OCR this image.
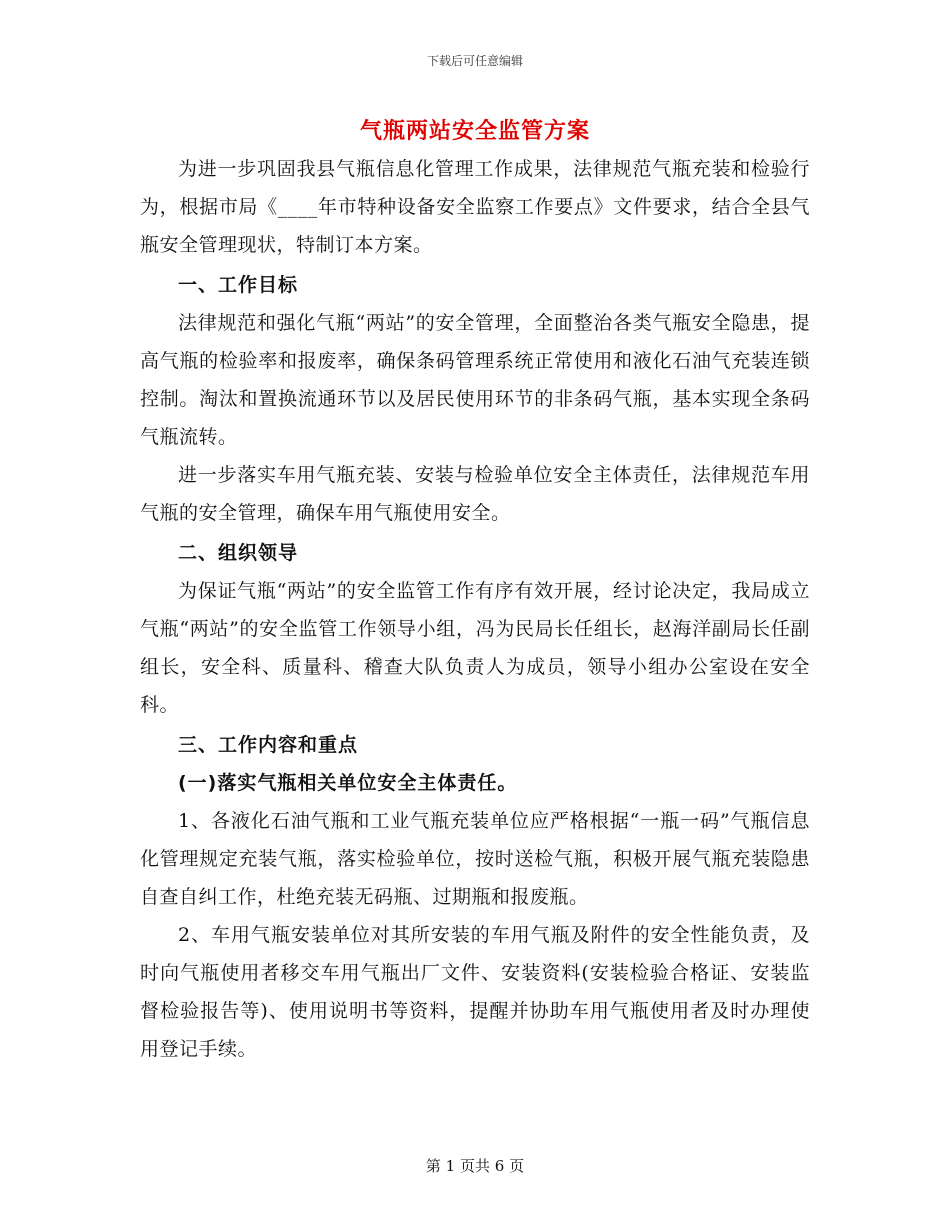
下载后可任意编辑
气瓶两站安全监管方案

为进一步巩固我县气瓶信息化管理工作成果，法律规范气瓶充装和检验行为，根据市局《____年市特种设备安全监察工作要点》文件要求，结合全县气瓶安全管理现状，特制订本方案。

一、工作目标

法律规范和强化气瓶“两站”的安全管理，全面整治各类气瓶安全隐患，提高气瓶的检验率和报废率，确保条码管理系统正常使用和液化石油气充装连锁控制。淘汰和置换流通环节以及居民使用环节的非条码气瓶，基本实现全条码气瓶流转。

进一步落实车用气瓶充装、安装与检验单位安全主体责任，法律规范车用气瓶的安全管理，确保车用气瓶使用安全。

二、组织领导

为保证气瓶“两站”的安全监管工作有序有效开展，经讨论决定，我局成立气瓶“两站”的安全监管工作领导小组，冯为民局长任组长，赵海洋副局长任副组长，安全科、质量科、稽查大队负责人为成员，领导小组办公室设在安全科。

三、工作内容和重点

(一)落实气瓶相关单位安全主体责任。

1、各液化石油气瓶和工业气瓶充装单位应严格根据“一瓶一码”气瓶信息化管理规定充装气瓶，落实检验单位，按时送检气瓶，积极开展气瓶充装隐患自查自纠工作，杜绝充装无码瓶、过期瓶和报废瓶。

2、车用气瓶安装单位对其所安装的车用气瓶及附件的安全性能负责，及时向气瓶使用者移交车用气瓶出厂文件、安装资料(安装检验合格证、安装监督检验报告等)、使用说明书等资料，提醒并协助车用气瓶使用者及时办理使用登记手续。

第 1 页共 6 页
